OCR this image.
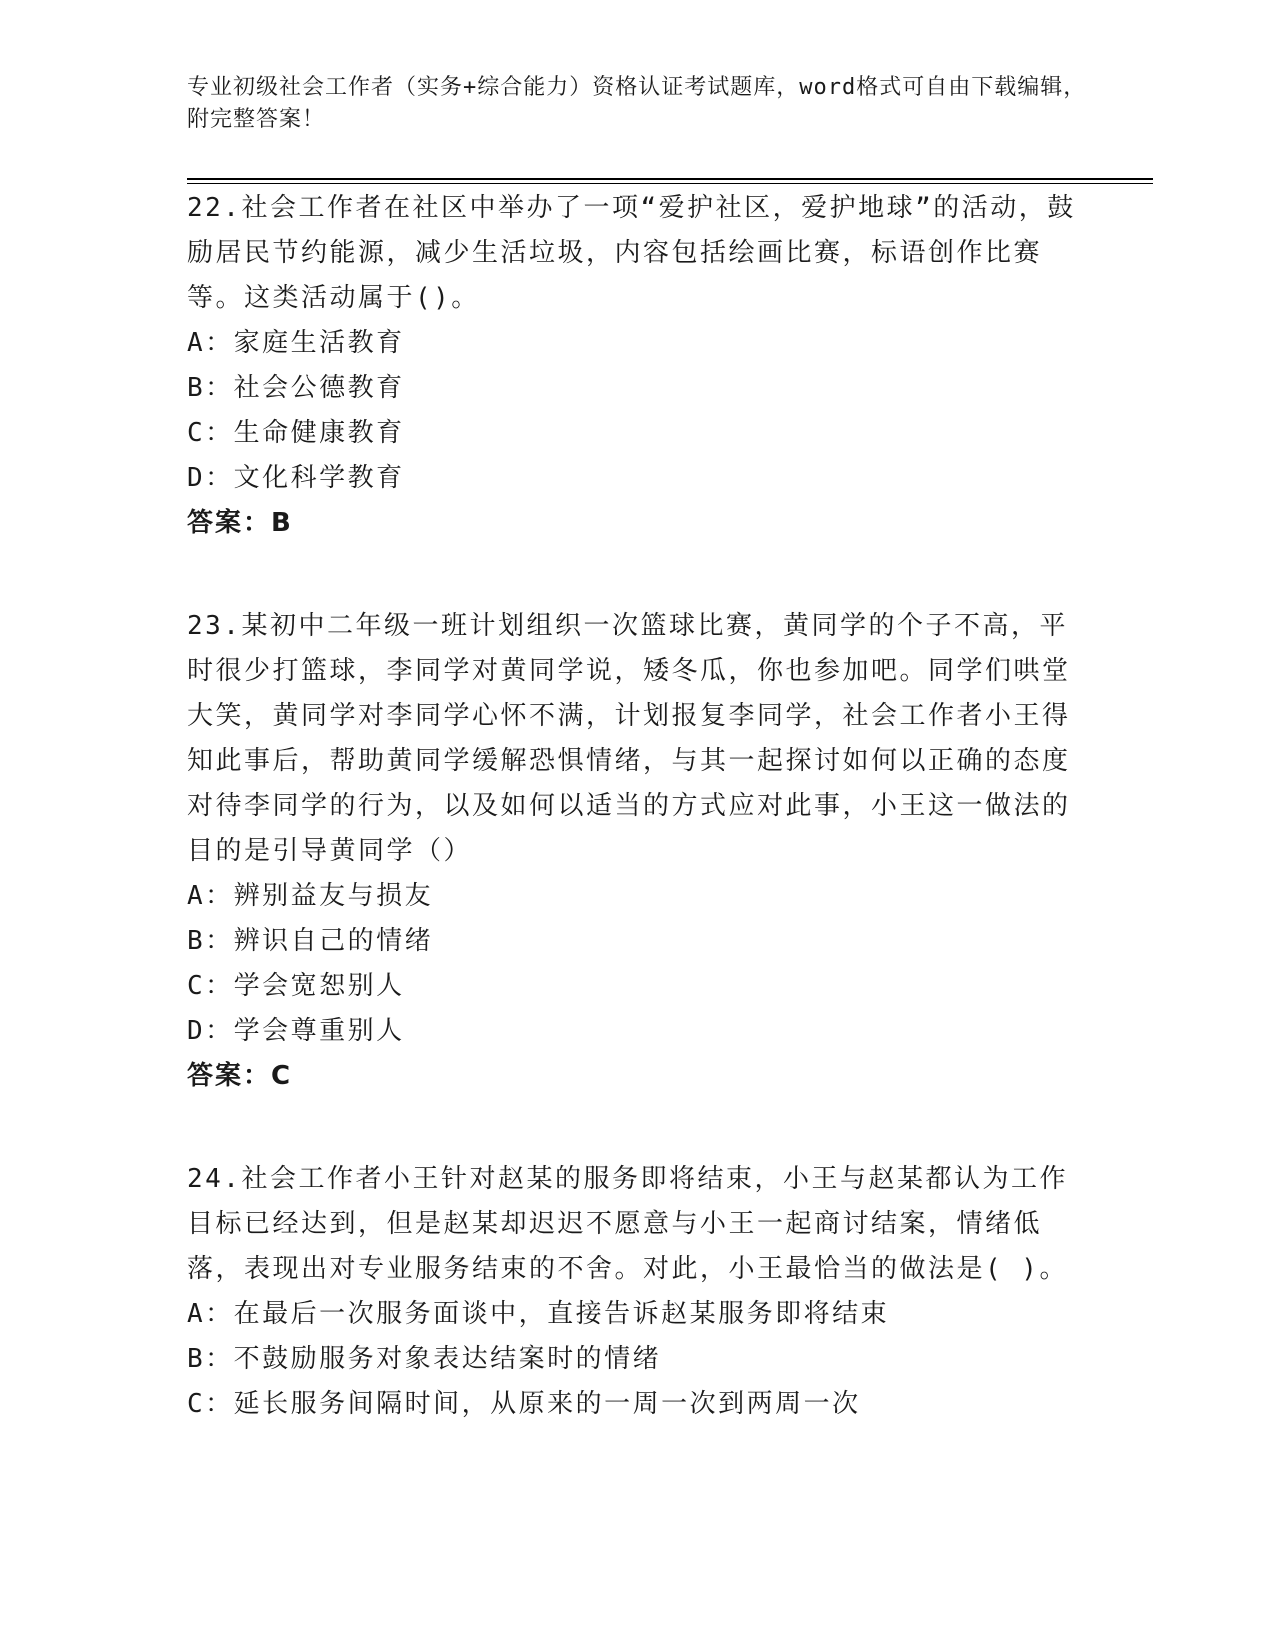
专业初级社会工作者（实务+综合能力）资格认证考试题库，word格式可自由下载编辑，附完整答案！
22.社会工作者在社区中举办了一项“爱护社区，爱护地球”的活动，鼓励居民节约能源，减少生活垃圾，内容包括绘画比赛，标语创作比赛等。这类活动属于()。
A：家庭生活教育
B：社会公德教育
C：生命健康教育
D：文化科学教育
答案：B
23.某初中二年级一班计划组织一次篮球比赛，黄同学的个子不高，平时很少打篮球，李同学对黄同学说，矮冬瓜，你也参加吧。同学们哄堂大笑，黄同学对李同学心怀不满，计划报复李同学，社会工作者小王得知此事后，帮助黄同学缓解恐惧情绪，与其一起探讨如何以正确的态度对待李同学的行为，以及如何以适当的方式应对此事，小王这一做法的目的是引导黄同学（）
A：辨别益友与损友
B：辨识自己的情绪
C：学会宽恕别人
D：学会尊重别人
答案：C
24.社会工作者小王针对赵某的服务即将结束，小王与赵某都认为工作目标已经达到，但是赵某却迟迟不愿意与小王一起商讨结案，情绪低落，表现出对专业服务结束的不舍。对此，小王最恰当的做法是( )。
A：在最后一次服务面谈中，直接告诉赵某服务即将结束
B：不鼓励服务对象表达结案时的情绪
C：延长服务间隔时间，从原来的一周一次到两周一次
